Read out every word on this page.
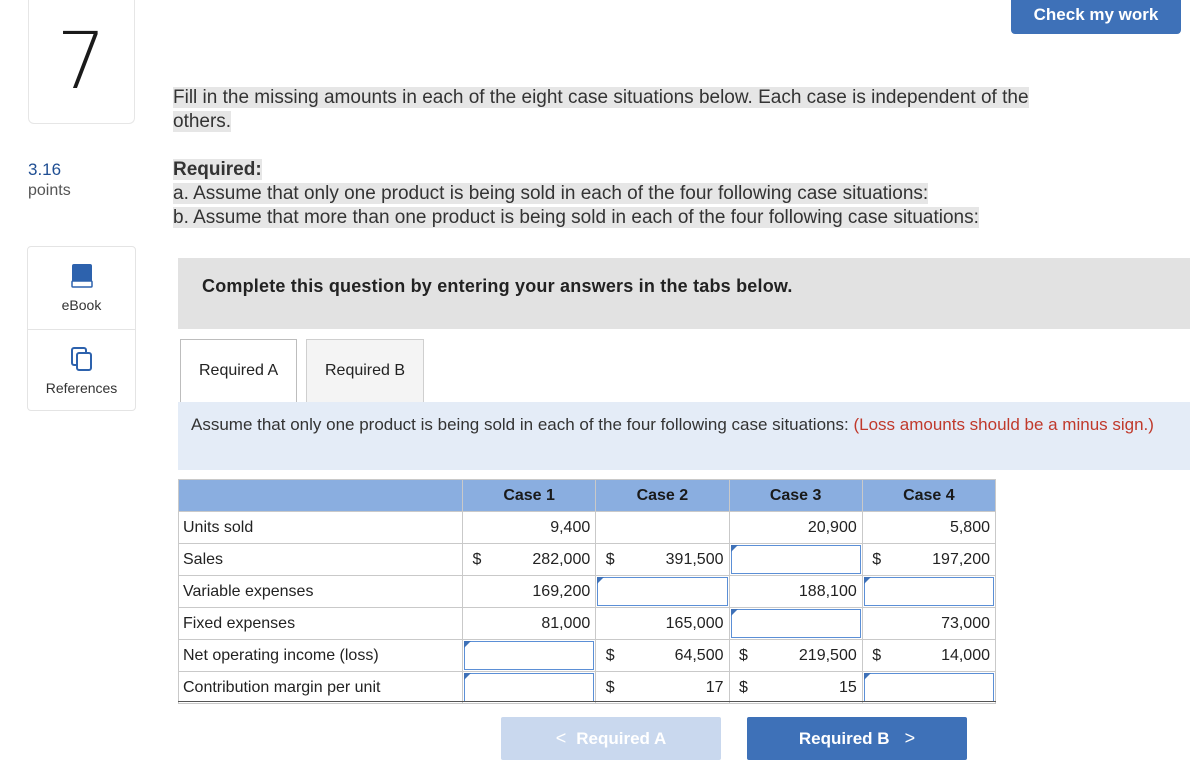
7
3.16
points
eBook
References
Check my work
Fill in the missing amounts in each of the eight case situations below. Each case is independent of the
others.
Required:
a. Assume that only one product is being sold in each of the four following case situations:
b. Assume that more than one product is being sold in each of the four following case situations:
Complete this question by entering your answers in the tabs below.
Required A	Required B
Assume that only one product is being sold in each of the four following case situations: (Loss amounts should be a minus sign.)
	Case 1	Case 2	Case 3	Case 4
Units sold	9,400		20,900	5,800

Sales	$ 282,000	$ 391,500		$ 197,200

Variable expenses	169,200		188,100	

Fixed expenses	81,000	165,000		73,000

Net operating income (loss)		$ 64,500	$ 219,500	$ 14,000

Contribution margin per unit		$ 17	$ 15	

< Required A	Required B >
